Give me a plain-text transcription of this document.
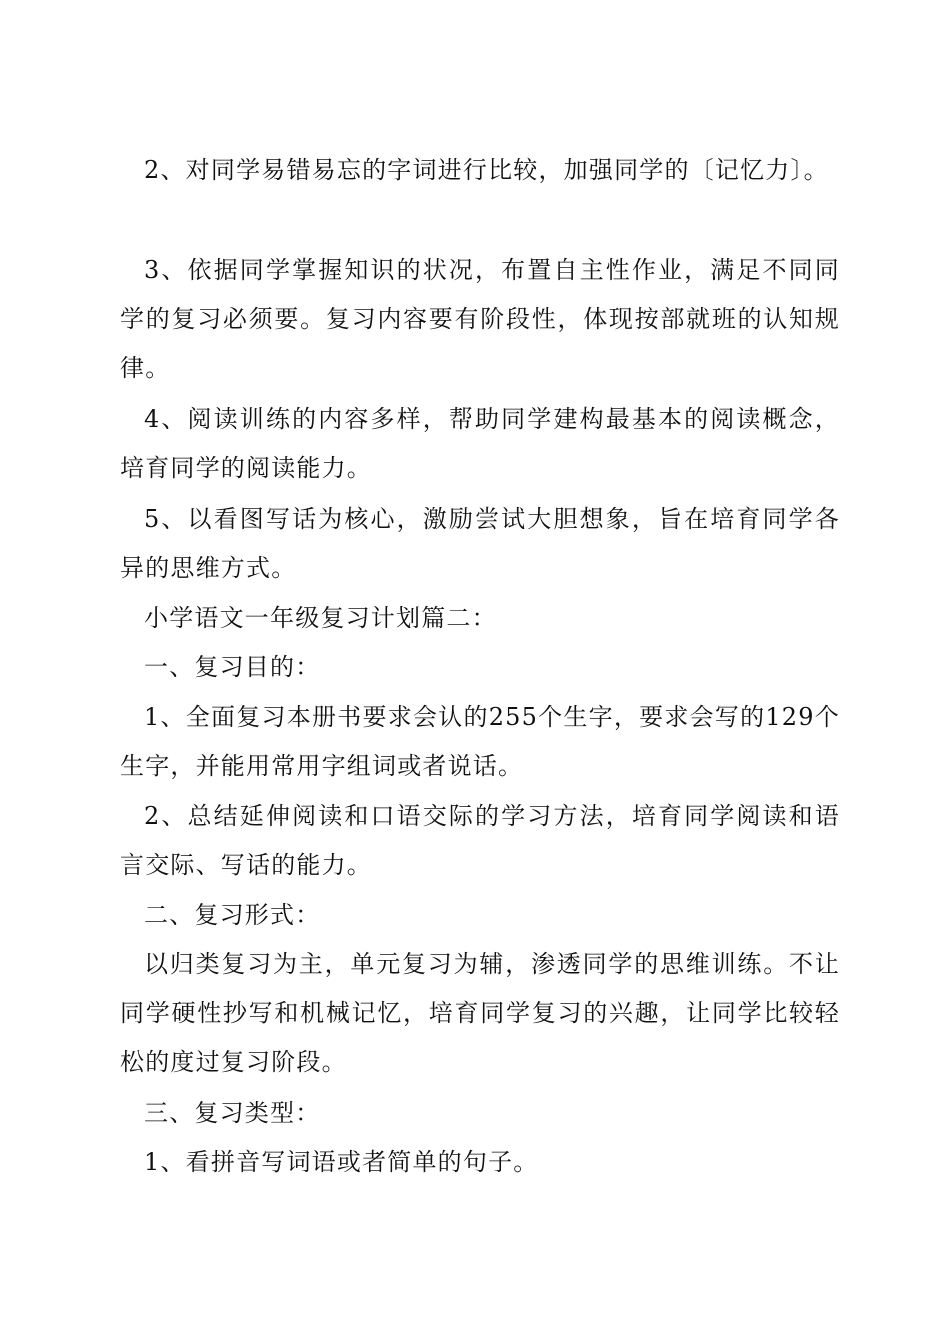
2、对同学易错易忘的字词进行比较，加强同学的〔记忆力〕。

3、依据同学掌握知识的状况，布置自主性作业，满足不同同学的复习必须要。复习内容要有阶段性，体现按部就班的认知规律。

4、阅读训练的内容多样，帮助同学建构最基本的阅读概念，培育同学的阅读能力。

5、以看图写话为核心，激励尝试大胆想象，旨在培育同学各异的思维方式。

小学语文一年级复习计划篇二：

一、复习目的：

1、全面复习本册书要求会认的255个生字，要求会写的129个生字，并能用常用字组词或者说话。

2、总结延伸阅读和口语交际的学习方法，培育同学阅读和语言交际、写话的能力。

二、复习形式：

以归类复习为主，单元复习为辅，渗透同学的思维训练。不让同学硬性抄写和机械记忆，培育同学复习的兴趣，让同学比较轻松的度过复习阶段。

三、复习类型：

1、看拼音写词语或者简单的句子。
